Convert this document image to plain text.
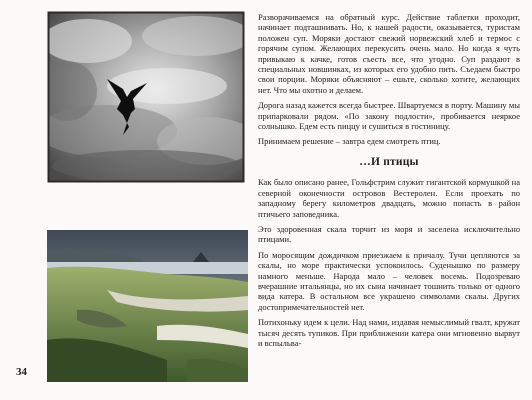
34

Разворачиваемся на обратный курс. Действие таблетки проходит, начинает подташнивать. Но, к нашей радости, оказывается, туристам положен суп. Моряки достают свежий норвежский хлеб и термос с горячим супом. Желающих перекусить очень мало. Но когда я чуть привыкаю к качке, готов съесть все, что угодно. Суп раздают в специальных новшинках, из которых его удобно пить. Съедаем быстро свои порции. Моряки объясняют – ешьте, сколько хотите, желающих нет. Что мы охотно и делаем.

Дорога назад кажется всегда быстрее. Швартуемся в порту. Машину мы припарковали рядом. «По закону подлости», пробивается неяркое солнышко. Едем есть пиццу и сушиться в гостиницу.

Принимаем решение – завтра едем смотреть птиц.

…И птицы

Как было описано ранее, Гольфстрим служит гигантской кормушкой на северной оконечности островов Вестеролен. Если проехать по западному берегу километров двадцать, можно попасть в район птичьего заповедника.

Это здоровенная скала торчит из моря и заселена исключительно птицами.

По моросящим дождичком приезжаем к причалу. Тучи цепляются за скалы, но море практически успокоилось. Суденышко по размеру намного меньше. Народа мало – человек восемь. Подозреваю вчерашние итальянцы, но их сына начинает тошнить только от одного вида катера. В остальном все украшено символами скалы. Других достопримечательностей нет.

Потихоньку идем к цели. Над нами, издавая немыслимый гвалт, кружат тысяч десять тупиков. При приближении катера они мгновенно вырвут и вспыльва-
